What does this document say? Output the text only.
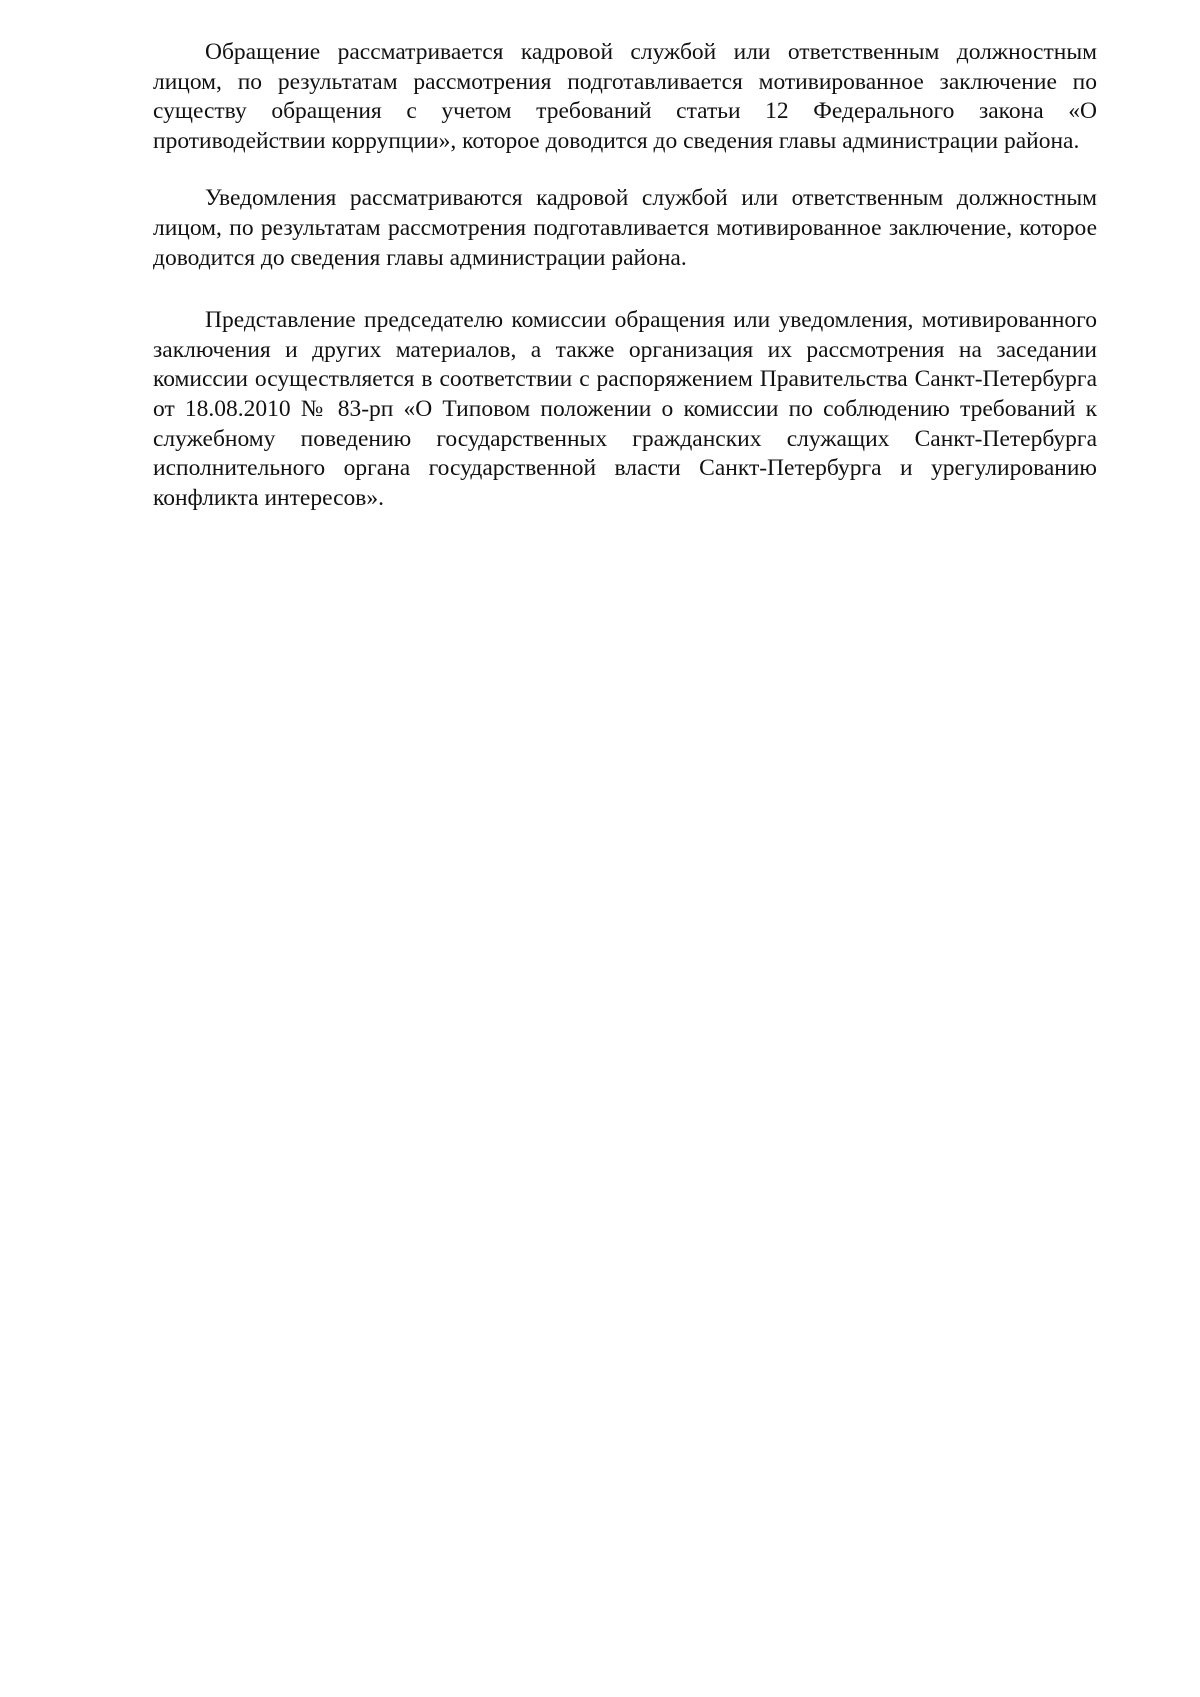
Обращение рассматривается кадровой службой или ответственным должностным лицом, по результатам рассмотрения подготавливается мотивированное заключение по существу обращения с учетом требований статьи 12 Федерального закона «О противодействии коррупции», которое доводится до сведения главы администрации района.

Уведомления рассматриваются кадровой службой или ответственным должностным лицом, по результатам рассмотрения подготавливается мотивированное заключение, которое доводится до сведения главы администрации района.

Представление председателю комиссии обращения или уведомления, мотивированного заключения и других материалов, а также организация их рассмотрения на заседании комиссии осуществляется в соответствии с распоряжением Правительства Санкт-Петербурга от 18.08.2010 № 83-рп «О Типовом положении о комиссии по соблюдению требований к служебному поведению государственных гражданских служащих Санкт-Петербурга исполнительного органа государственной власти Санкт-Петербурга и урегулированию конфликта интересов».
